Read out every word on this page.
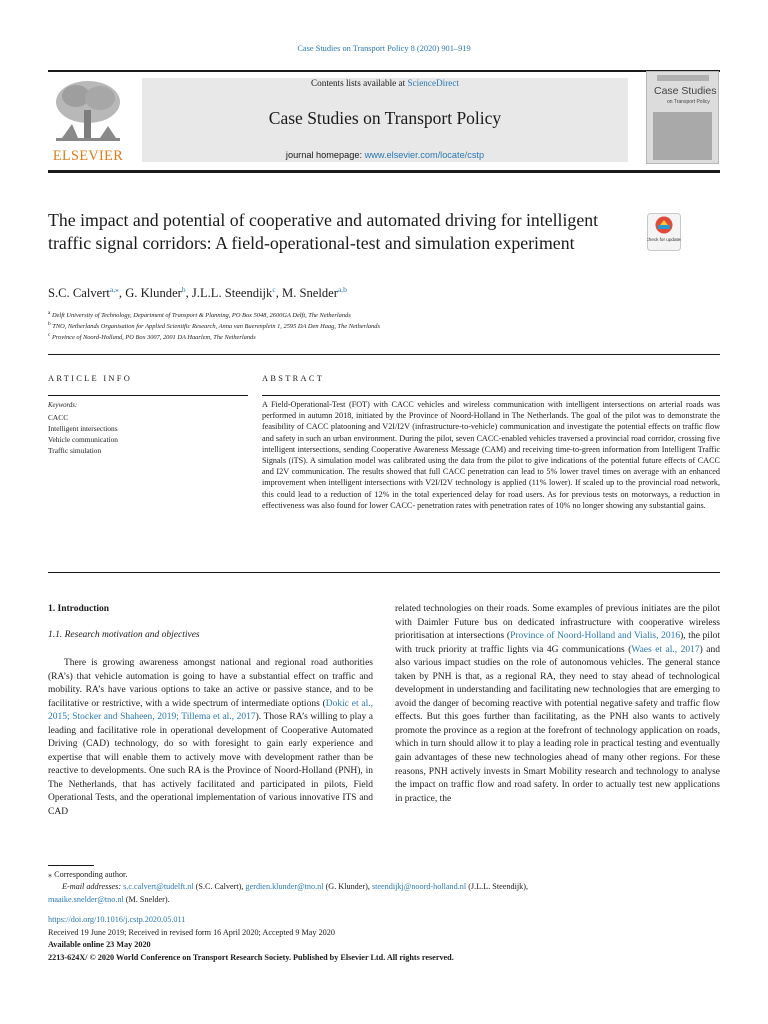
Case Studies on Transport Policy 8 (2020) 901–919
ELSEVIER
Contents lists available at ScienceDirect
Case Studies on Transport Policy
journal homepage: www.elsevier.com/locate/cstp
Case Studies
on Transport Policy
The impact and potential of cooperative and automated driving for intelligent traffic signal corridors: A field-operational-test and simulation experiment	Check for updates
S.C. Calvert$^{a,⁎}$, G. Klunder$^b$, J.L.L. Steendijk$^c$, M. Snelder$^{a,b}$
$^a$ Delft University of Technology, Department of Transport & Planning, PO Box 5048, 2600GA Delft, The Netherlands
$^b$ TNO, Netherlands Organisation for Applied Scientific Research, Anna van Buerenplein 1, 2595 DA Den Haag, The Netherlands
$^c$ Province of Noord-Holland, PO Box 3007, 2001 DA Haarlem, The Netherlands
ARTICLE INFO	ABSTRACT
Keywords:
CACC
Intelligent intersections
Vehicle communication
Traffic simulation
A Field-Operational-Test (FOT) with CACC vehicles and wireless communication with intelligent intersections on arterial roads was performed in autumn 2018, initiated by the Province of Noord-Holland in The Netherlands. The goal of the pilot was to demonstrate the feasibility of CACC platooning and V2I/I2V (infrastructure-to-vehicle) communication and investigate the potential effects on traffic flow and safety in such an urban environment. During the pilot, seven CACC-enabled vehicles traversed a provincial road corridor, crossing five intelligent intersections, sending Cooperative Awareness Message (CAM) and receiving time-to-green information from Intelligent Traffic Signals (iTS). A simulation model was calibrated using the data from the pilot to give indications of the potential future effects of CACC and I2V communication. The results showed that full CACC penetration can lead to 5% lower travel times on average with an enhanced improvement when intelligent intersections with V2I/I2V technology is applied (11% lower). If scaled up to the provincial road network, this could lead to a reduction of 12% in the total experienced delay for road users. As for previous tests on motorways, a reduction in effectiveness was also found for lower CACC- penetration rates with penetration rates of 10% no longer showing any substantial gains.
1. Introduction
1.1. Research motivation and objectives
There is growing awareness amongst national and regional road authorities (RA’s) that vehicle automation is going to have a substantial effect on traffic and mobility. RA’s have various options to take an active or passive stance, and to be facilitative or restrictive, with a wide spectrum of intermediate options (Dokic et al., 2015; Stocker and Shaheen, 2019; Tillema et al., 2017). Those RA’s willing to play a leading and facilitative role in operational development of Cooperative Automated Driving (CAD) technology, do so with foresight to gain early experience and expertise that will enable them to actively move with development rather than be reactive to developments. One such RA is the Province of Noord-Holland (PNH), in The Netherlands, that has actively facilitated and participated in pilots, Field Operational Tests, and the operational implementation of various innovative ITS and CAD
related technologies on their roads. Some examples of previous initiates are the pilot with Daimler Future bus on dedicated infrastructure with cooperative wireless prioritisation at intersections (Province of Noord-Holland and Vialis, 2016), the pilot with truck priority at traffic lights via 4G communications (Waes et al., 2017) and also various impact studies on the role of autonomous vehicles. The general stance taken by PNH is that, as a regional RA, they need to stay ahead of technological development in understanding and facilitating new technologies that are emerging to avoid the danger of becoming reactive with potential negative safety and traffic flow effects. But this goes further than facilitating, as the PNH also wants to actively promote the province as a region at the forefront of technology application on roads, which in turn should allow it to play a leading role in practical testing and eventually gain advantages of these new technologies ahead of many other regions. For these reasons, PNH actively invests in Smart Mobility research and technology to analyse the impact on traffic flow and road safety. In order to actually test new applications in practice, the
⁎ Corresponding author.
E-mail addresses: s.c.calvert@tudelft.nl (S.C. Calvert), gerdien.klunder@tno.nl (G. Klunder), steendijkj@noord-holland.nl (J.L.L. Steendijk),
maaike.snelder@tno.nl (M. Snelder).
https://doi.org/10.1016/j.cstp.2020.05.011
Received 19 June 2019; Received in revised form 16 April 2020; Accepted 9 May 2020
Available online 23 May 2020
2213-624X/ © 2020 World Conference on Transport Research Society. Published by Elsevier Ltd. All rights reserved.
